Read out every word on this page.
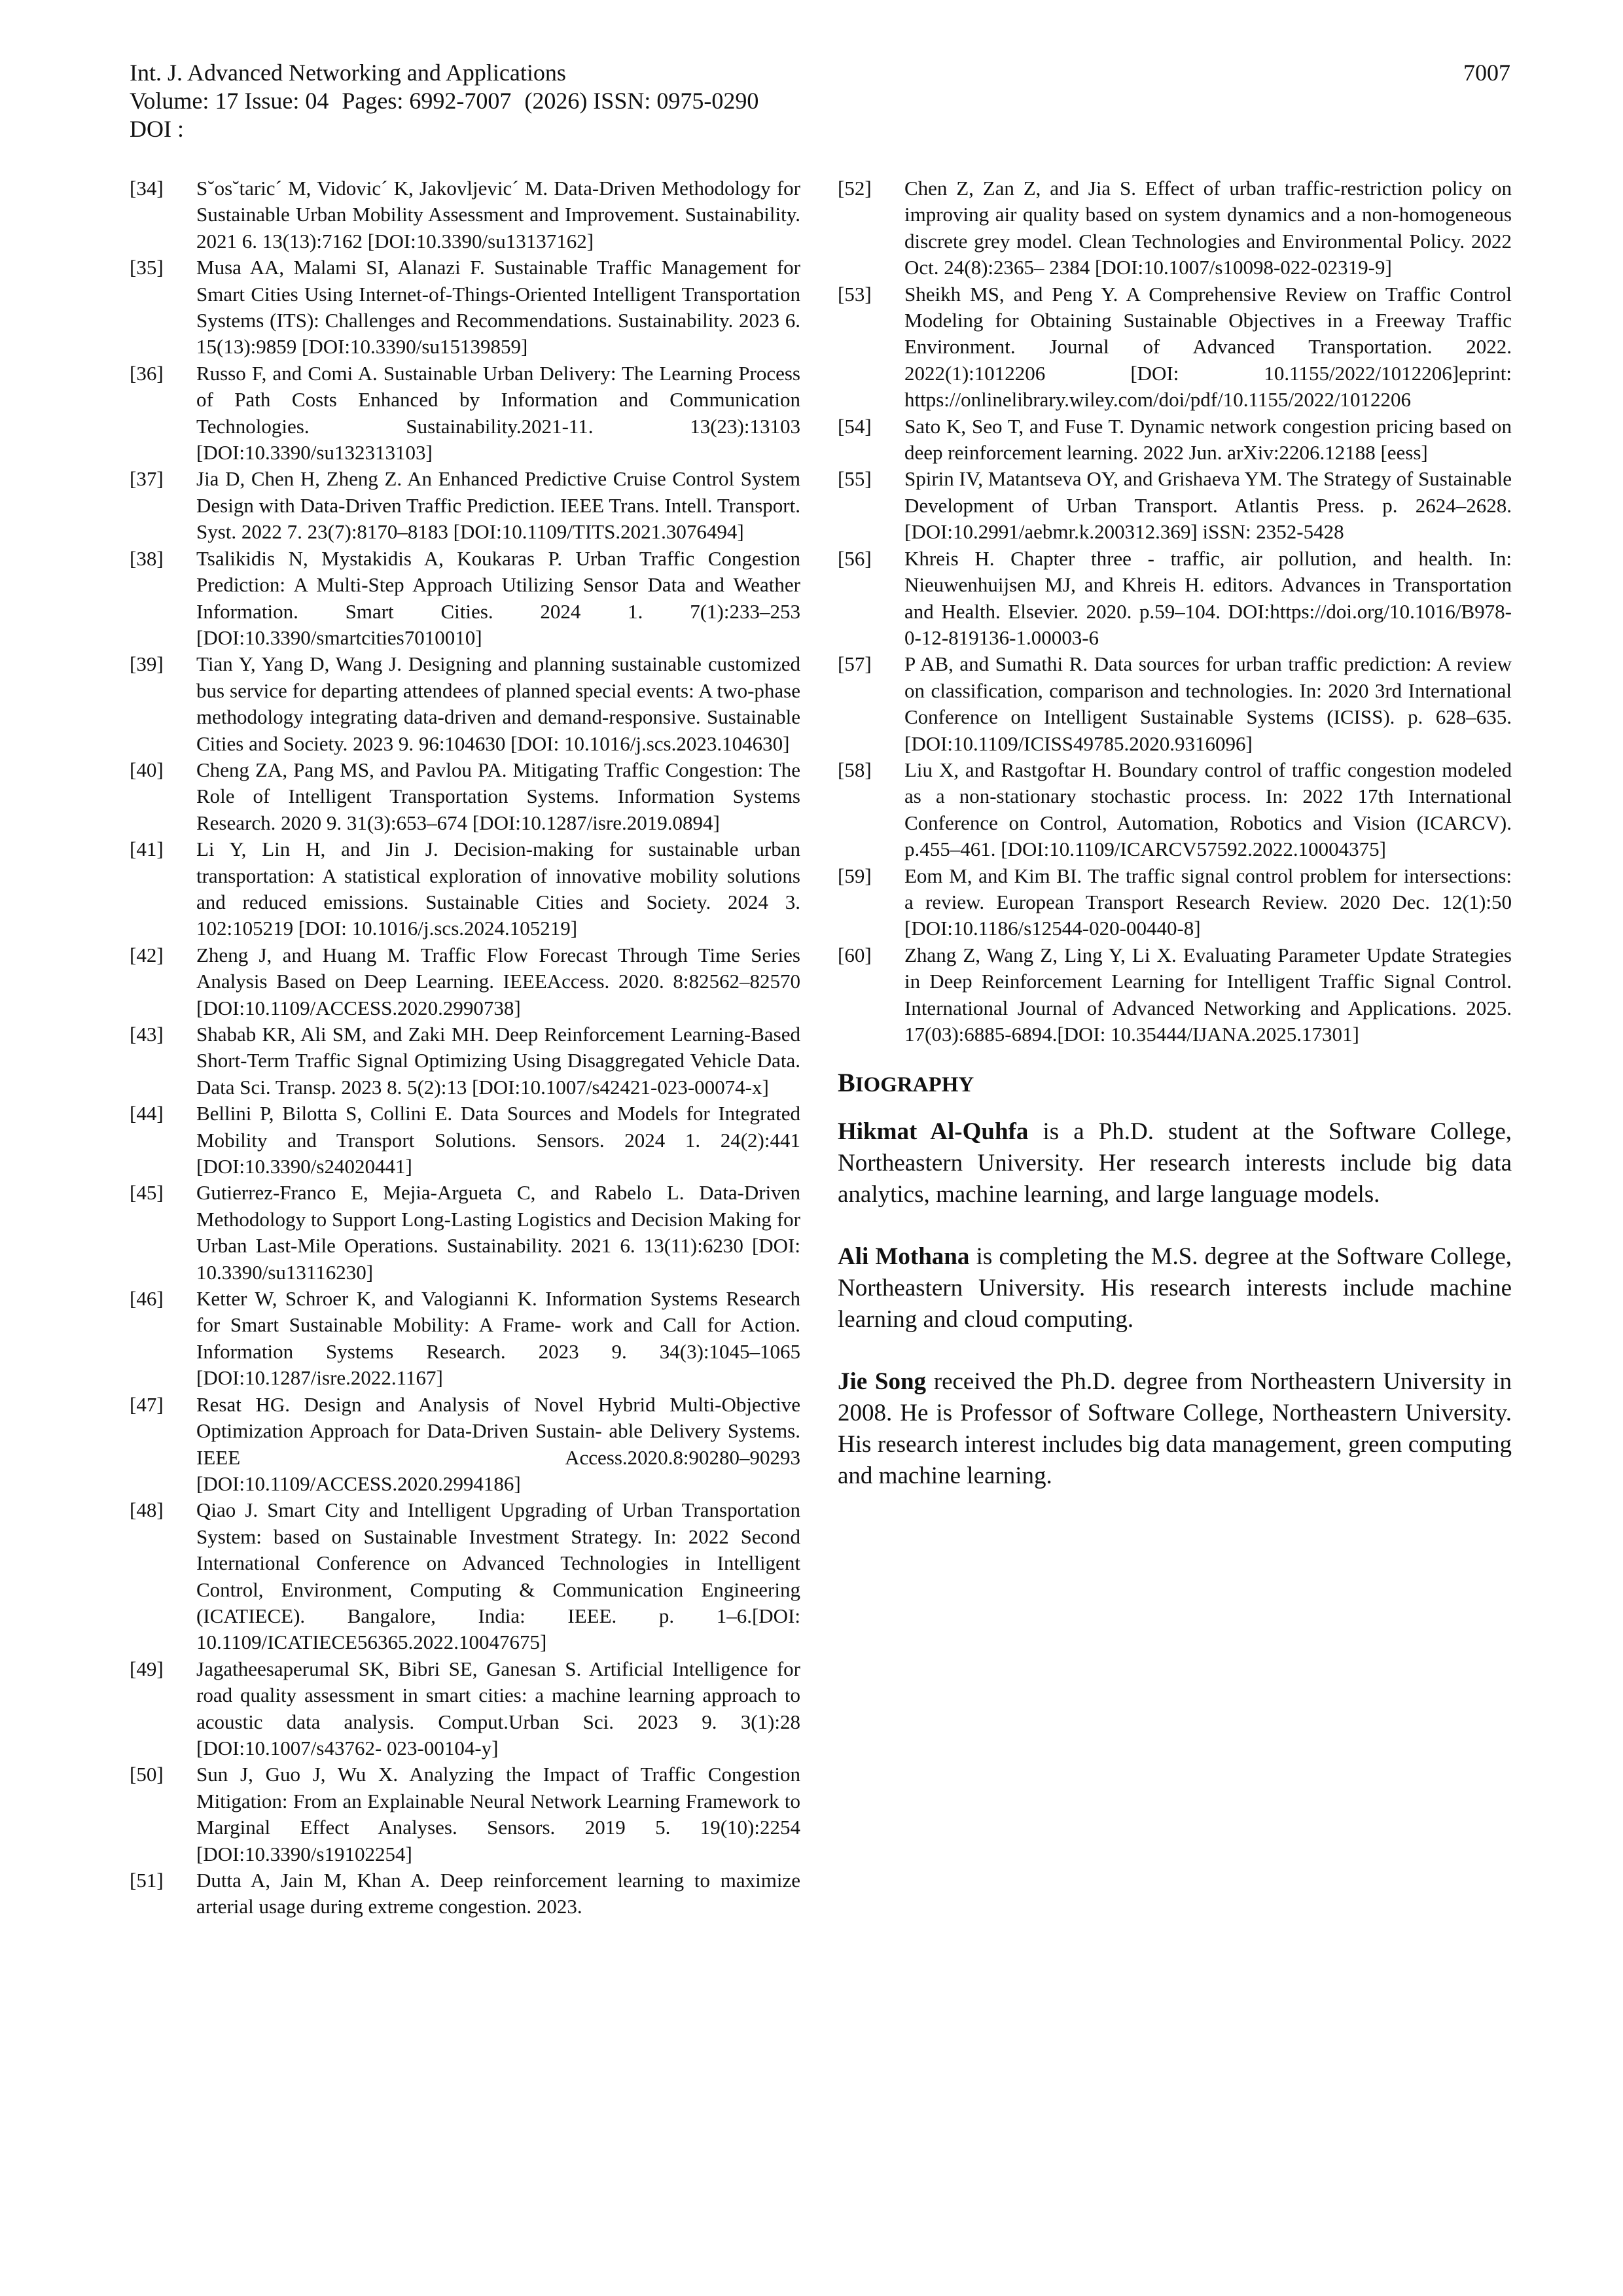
Int. J. Advanced Networking and Applications
Volume: 17 Issue: 04 Pages: 6992-7007 (2026) ISSN: 0975-0290
DOI :
7007
[34]	S˘os˘taric´ M, Vidovic´ K, Jakovljevic´ M. Data-Driven Methodology for Sustainable Urban Mobility Assessment and Improvement. Sustainability. 2021 6. 13(13):7162 [DOI:10.3390/su13137162]
[35]	Musa AA, Malami SI, Alanazi F. Sustainable Traffic Management for Smart Cities Using Internet-of-Things-Oriented Intelligent Transportation Systems (ITS): Challenges and Recommendations. Sustainability. 2023 6. 15(13):9859 [DOI:10.3390/su15139859]
[36]	Russo F, and Comi A. Sustainable Urban Delivery: The Learning Process of Path Costs Enhanced by Information and Communication Technologies. Sustainability.2021-11. 13(23):13103 [DOI:10.3390/su132313103]
[37]	Jia D, Chen H, Zheng Z. An Enhanced Predictive Cruise Control System Design with Data-Driven Traffic Prediction. IEEE Trans. Intell. Transport. Syst. 2022 7. 23(7):8170–8183 [DOI:10.1109/TITS.2021.3076494]
[38]	Tsalikidis N, Mystakidis A, Koukaras P. Urban Traffic Congestion Prediction: A Multi-Step Approach Utilizing Sensor Data and Weather Information. Smart Cities. 2024 1. 7(1):233–253 [DOI:10.3390/smartcities7010010]
[39]	Tian Y, Yang D, Wang J. Designing and planning sustainable customized bus service for departing attendees of planned special events: A two-phase methodology integrating data-driven and demand-responsive. Sustainable Cities and Society. 2023 9. 96:104630 [DOI: 10.1016/j.scs.2023.104630]
[40]	Cheng ZA, Pang MS, and Pavlou PA. Mitigating Traffic Congestion: The Role of Intelligent Transportation Systems. Information Systems Research. 2020 9. 31(3):653–674 [DOI:10.1287/isre.2019.0894]
[41]	Li Y, Lin H, and Jin J. Decision-making for sustainable urban transportation: A statistical exploration of innovative mobility solutions and reduced emissions. Sustainable Cities and Society. 2024 3. 102:105219 [DOI: 10.1016/j.scs.2024.105219]
[42]	Zheng J, and Huang M. Traffic Flow Forecast Through Time Series Analysis Based on Deep Learning. IEEEAccess. 2020. 8:82562–82570 [DOI:10.1109/ACCESS.2020.2990738]
[43]	Shabab KR, Ali SM, and Zaki MH. Deep Reinforcement Learning-Based Short-Term Traffic Signal Optimizing Using Disaggregated Vehicle Data. Data Sci. Transp. 2023 8. 5(2):13 [DOI:10.1007/s42421-023-00074-x]
[44]	Bellini P, Bilotta S, Collini E. Data Sources and Models for Integrated Mobility and Transport Solutions. Sensors. 2024 1. 24(2):441 [DOI:10.3390/s24020441]
[45]	Gutierrez-Franco E, Mejia-Argueta C, and Rabelo L. Data-Driven Methodology to Support Long-Lasting Logistics and Decision Making for Urban Last-Mile Operations. Sustainability. 2021 6. 13(11):6230 [DOI: 10.3390/su13116230]
[46]	Ketter W, Schroer K, and Valogianni K. Information Systems Research for Smart Sustainable Mobility: A Frame- work and Call for Action. Information Systems Research. 2023 9. 34(3):1045–1065 [DOI:10.1287/isre.2022.1167]
[47]	Resat HG. Design and Analysis of Novel Hybrid Multi-Objective Optimization Approach for Data-Driven Sustain- able Delivery Systems. IEEE Access.2020.8:90280–90293 [DOI:10.1109/ACCESS.2020.2994186]
[48]	Qiao J. Smart City and Intelligent Upgrading of Urban Transportation System: based on Sustainable Investment Strategy. In: 2022 Second International Conference on Advanced Technologies in Intelligent Control, Environment, Computing & Communication Engineering (ICATIECE). Bangalore, India: IEEE. p. 1–6.[DOI: 10.1109/ICATIECE56365.2022.10047675]
[49]	Jagatheesaperumal SK, Bibri SE, Ganesan S. Artificial Intelligence for road quality assessment in smart cities: a machine learning approach to acoustic data analysis. Comput.Urban Sci. 2023 9. 3(1):28 [DOI:10.1007/s43762- 023-00104-y]
[50]	Sun J, Guo J, Wu X. Analyzing the Impact of Traffic Congestion Mitigation: From an Explainable Neural Network Learning Framework to Marginal Effect Analyses. Sensors. 2019 5. 19(10):2254 [DOI:10.3390/s19102254]
[51]	Dutta A, Jain M, Khan A. Deep reinforcement learning to maximize arterial usage during extreme congestion. 2023.
[52]	Chen Z, Zan Z, and Jia S. Effect of urban traffic-restriction policy on improving air quality based on system dynamics and a non-homogeneous discrete grey model. Clean Technologies and Environmental Policy. 2022 Oct. 24(8):2365– 2384 [DOI:10.1007/s10098-022-02319-9]
[53]	Sheikh MS, and Peng Y. A Comprehensive Review on Traffic Control Modeling for Obtaining Sustainable Objectives in a Freeway Traffic Environment. Journal of Advanced Transportation. 2022. 2022(1):1012206 [DOI: 10.1155/2022/1012206]eprint: https://onlinelibrary.wiley.com/doi/pdf/10.1155/2022/1012206
[54]	Sato K, Seo T, and Fuse T. Dynamic network congestion pricing based on deep reinforcement learning. 2022 Jun. arXiv:2206.12188 [eess]
[55]	Spirin IV, Matantseva OY, and Grishaeva YM. The Strategy of Sustainable Development of Urban Transport. Atlantis Press. p. 2624–2628. [DOI:10.2991/aebmr.k.200312.369] iSSN: 2352-5428
[56]	Khreis H. Chapter three - traffic, air pollution, and health. In: Nieuwenhuijsen MJ, and Khreis H. editors. Advances in Transportation and Health. Elsevier. 2020. p.59–104. DOI:https://doi.org/10.1016/B978-0-12-819136-1.00003-6
[57]	P AB, and Sumathi R. Data sources for urban traffic prediction: A review on classification, comparison and technologies. In: 2020 3rd International Conference on Intelligent Sustainable Systems (ICISS). p. 628–635. [DOI:10.1109/ICISS49785.2020.9316096]
[58]	Liu X, and Rastgoftar H. Boundary control of traffic congestion modeled as a non-stationary stochastic process. In: 2022 17th International Conference on Control, Automation, Robotics and Vision (ICARCV). p.455–461. [DOI:10.1109/ICARCV57592.2022.10004375]
[59]	Eom M, and Kim BI. The traffic signal control problem for intersections: a review. European Transport Research Review. 2020 Dec. 12(1):50 [DOI:10.1186/s12544-020-00440-8]
[60]	Zhang Z, Wang Z, Ling Y, Li X. Evaluating Parameter Update Strategies in Deep Reinforcement Learning for Intelligent Traffic Signal Control. International Journal of Advanced Networking and Applications. 2025. 17(03):6885-6894.[DOI: 10.35444/IJANA.2025.17301]
BIOGRAPHY

Hikmat Al-Quhfa is a Ph.D. student at the Software College, Northeastern University. Her research interests include big data analytics, machine learning, and large language models.

Ali Mothana is completing the M.S. degree at the Software College, Northeastern University. His research interests include machine learning and cloud computing.

Jie Song received the Ph.D. degree from Northeastern University in 2008. He is Professor of Software College, Northeastern University. His research interest includes big data management, green computing and machine learning.
